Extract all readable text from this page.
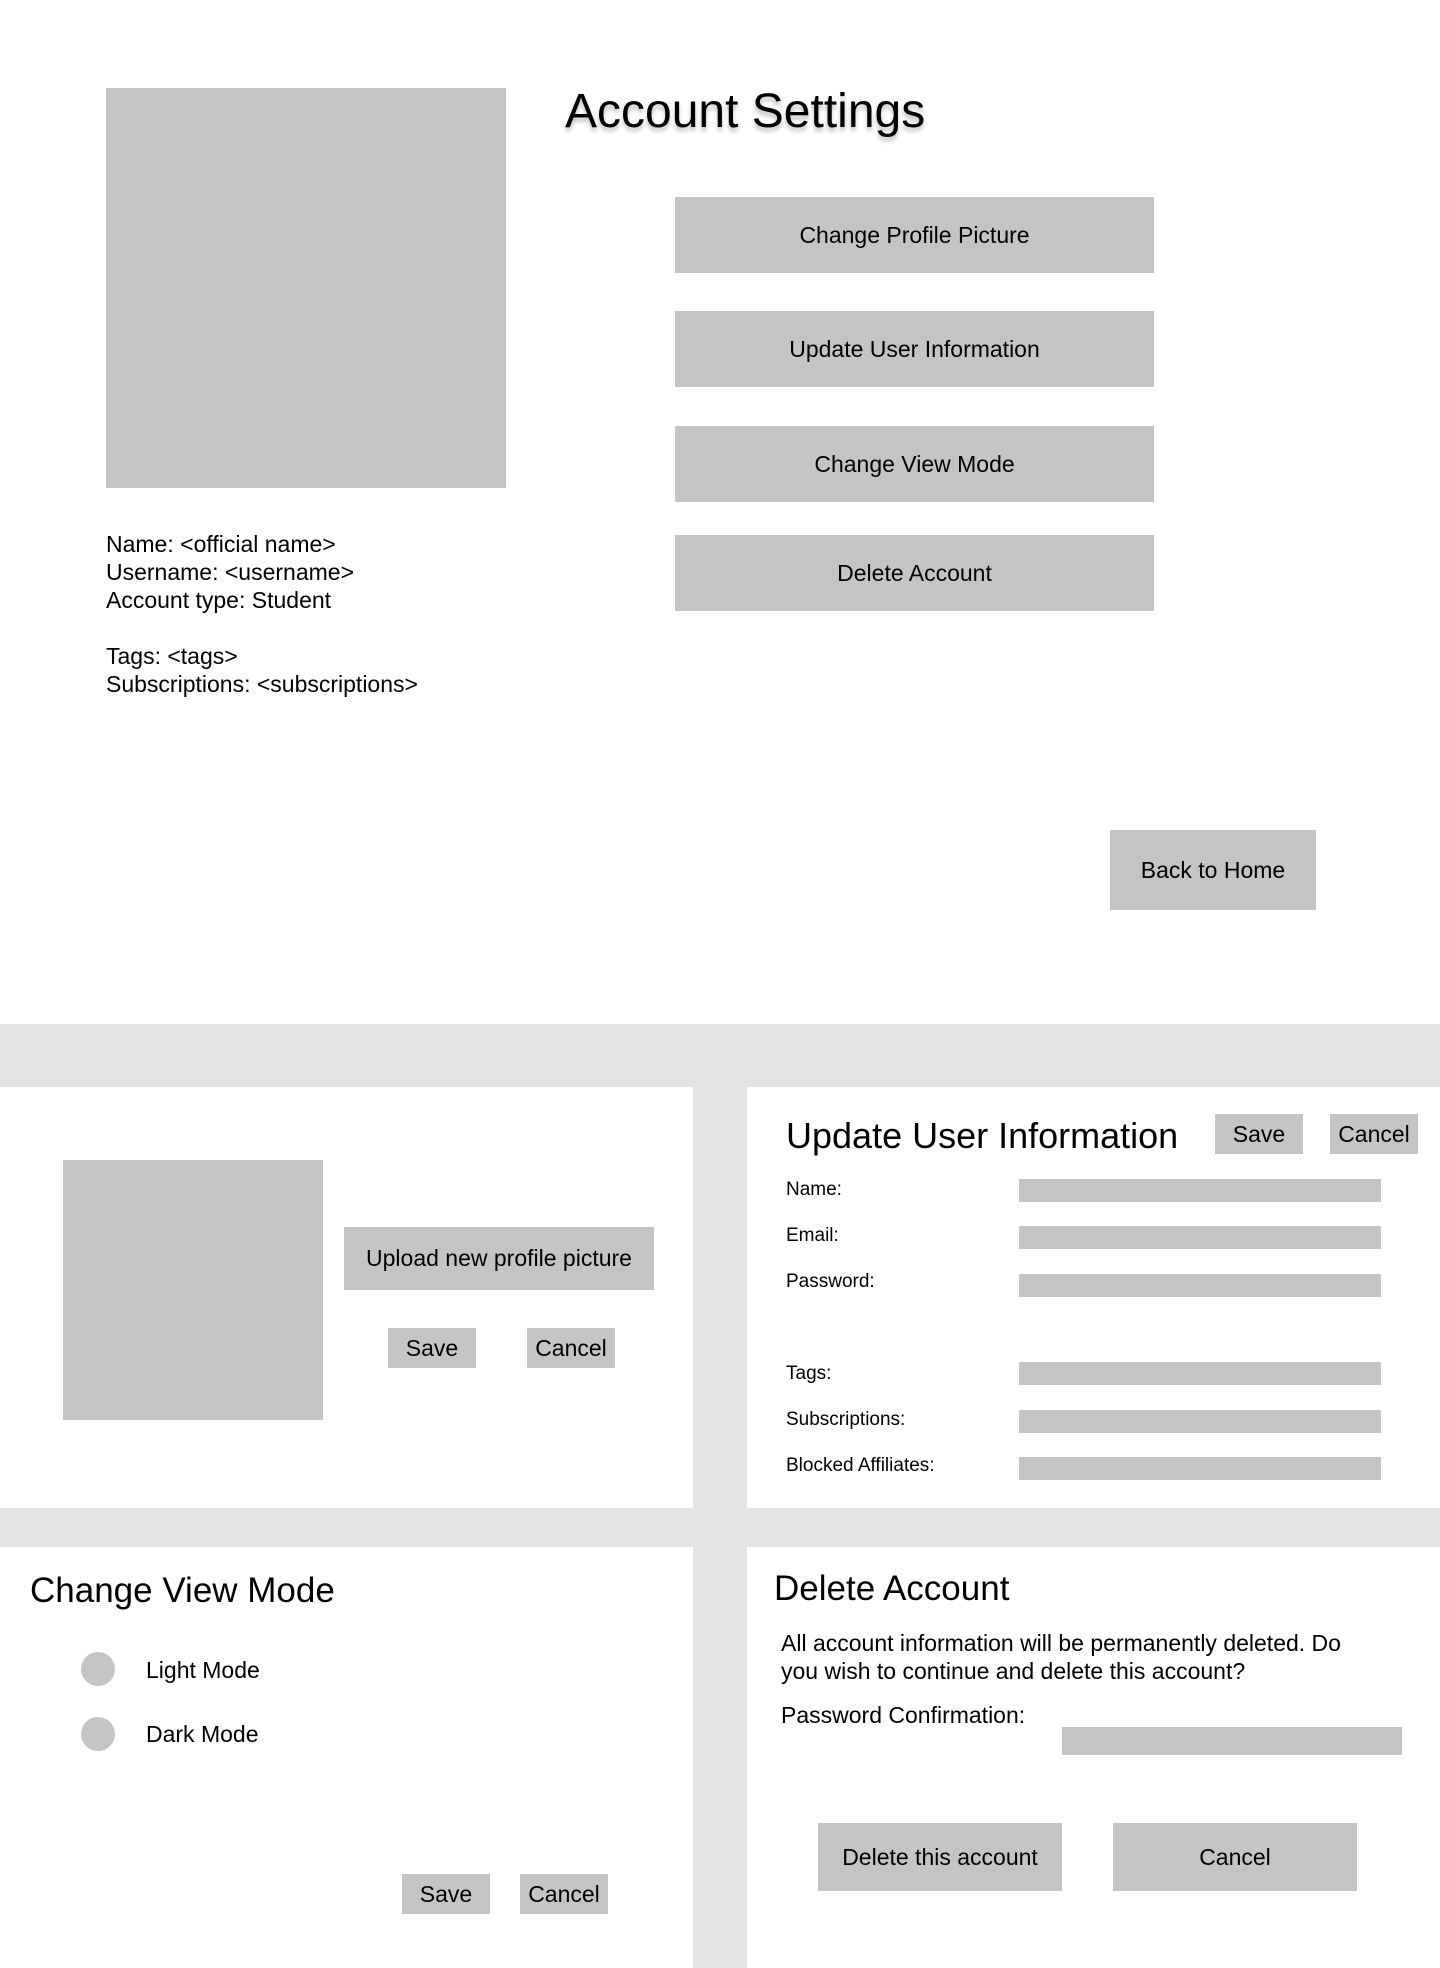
Account Settings
Change Profile Picture
Update User Information
Change View Mode
Delete Account
Name: <official name>
Username: <username>
Account type: Student
Tags: <tags>
Subscriptions: <subscriptions>
Back to Home
Upload new profile picture
Save	Cancel
Update User Information Save Cancel
Name:
Email:
Password:
Tags:
Subscriptions:
Blocked Affiliates:
Change View Mode
Light Mode
Dark Mode
Save Cancel
Delete Account
All account information will be permanently deleted. Do you wish to continue and delete this account?
Password Confirmation:
Delete this account	Cancel
